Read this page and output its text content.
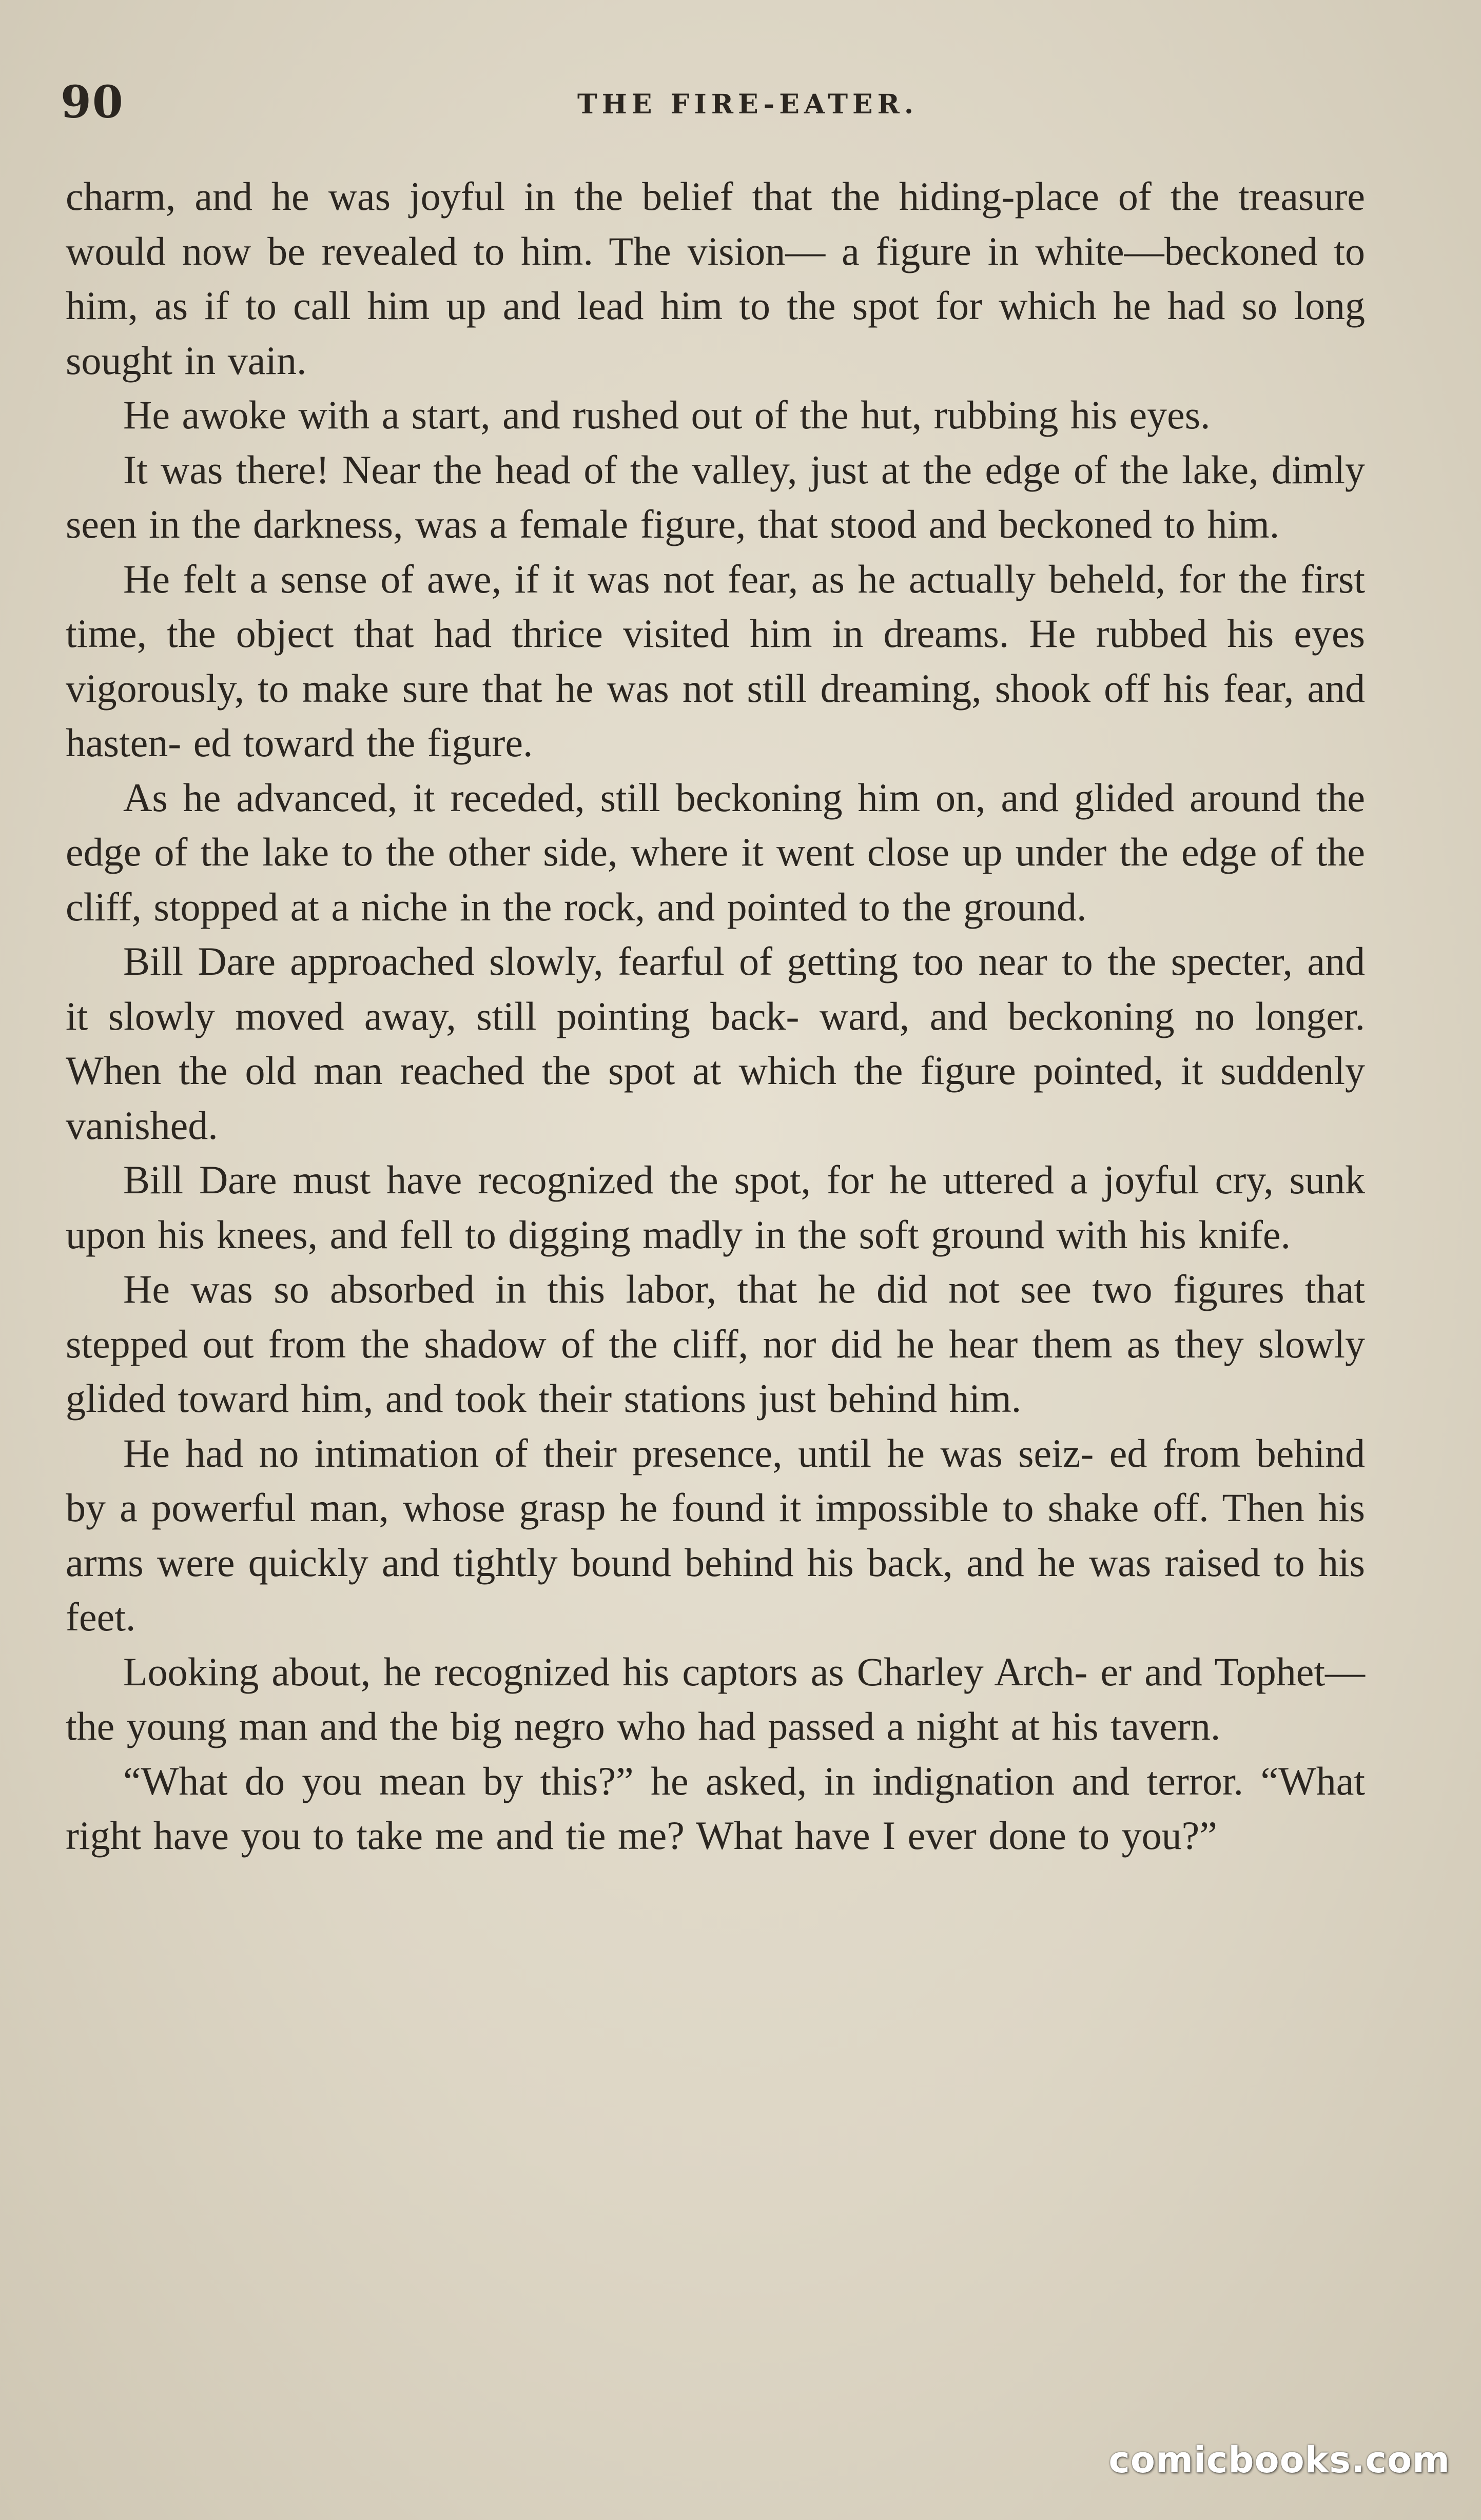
90	THE FIRE-EATER.

charm, and he was joyful in the belief that the hiding-place of the treasure would now be revealed to him. The vision— a figure in white—beckoned to him, as if to call him up and lead him to the spot for which he had so long sought in vain.

He awoke with a start, and rushed out of the hut, rubbing his eyes.

It was there! Near the head of the valley, just at the edge of the lake, dimly seen in the darkness, was a female figure, that stood and beckoned to him.

He felt a sense of awe, if it was not fear, as he actually beheld, for the first time, the object that had thrice visited him in dreams. He rubbed his eyes vigorously, to make sure that he was not still dreaming, shook off his fear, and hasten- ed toward the figure.

As he advanced, it receded, still beckoning him on, and glided around the edge of the lake to the other side, where it went close up under the edge of the cliff, stopped at a niche in the rock, and pointed to the ground.

Bill Dare approached slowly, fearful of getting too near to the specter, and it slowly moved away, still pointing back- ward, and beckoning no longer. When the old man reached the spot at which the figure pointed, it suddenly vanished.

Bill Dare must have recognized the spot, for he uttered a joyful cry, sunk upon his knees, and fell to digging madly in the soft ground with his knife.

He was so absorbed in this labor, that he did not see two figures that stepped out from the shadow of the cliff, nor did he hear them as they slowly glided toward him, and took their stations just behind him.

He had no intimation of their presence, until he was seiz- ed from behind by a powerful man, whose grasp he found it impossible to shake off. Then his arms were quickly and tightly bound behind his back, and he was raised to his feet.

Looking about, he recognized his captors as Charley Arch- er and Tophet—the young man and the big negro who had passed a night at his tavern.

“What do you mean by this?” he asked, in indignation and terror. “What right have you to take me and tie me? What have I ever done to you?”

comicbooks.com
